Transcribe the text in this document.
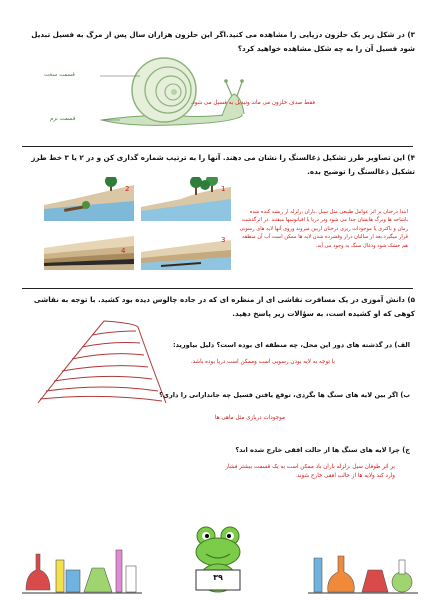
۳) در شکل زیر یک حلزون دریایی را مشاهده می کنید.اگر این حلزون هزاران سال پس از مرگ به فسیل تبدیل شود فسیل آن را به چه شکل مشاهده خواهید کرد؟
قسمت سخت
قسمت نرم
فقط صدف حلزون می ماند وتبدیل به فسیل می شود.
۴) این تصاویر طرز تشکیل ذغالسنگ را نشان می دهند. آنها را به ترتیب شماره گذاری کن و در ۲ یا ۳ خط طرز تشکیل ذغالسنگ را توضیح بده.
1
2
3
4
ابتدا درختان بر اثر عوامل طبیعی مثل سیل ،باران ،زلزله از ریشه کنده شده باشاخه ها وبرگ هایشان جدا می شود ودر دریا یا اقیانوسها میفتند .در اثرگذشت زمان و باکتری یا موجودات ریزی درختان ازبین میروند وروی آنها لایه های رسوبی قرار میگیرد.بعد از سالیان دراز وفشرده شدن لایه ها ممکن است آب آن منطقه هم خشک شود وذغال سنگ به وجود می آید.
۵) دانش آموزی در یک مسافرت نقاشی ای از منظره ای که در جاده چالوس دیده بود کشید. با توجه به نقاشی کوهی که او کشیده است، به سؤالات زیر پاسخ دهید.
الف) در گذشته های دور این محل، چه منطقه ای بوده است؟ دلیل بیاورید:
با توجه به لایه بودن رسوبی است وممکن است دریا بوده باشد.
ب) اگر بین لایه های سنگ ها بگردی، توقع یافتن فسیل چه جاندارانی را داری؟
موجودات دریازی مثل ماهی ها
ج) چرا لایه های سنگ ها از حالت افقی خارج شده اند؟
بر اثر طوفان سیل ،زلزله باران باد ممکن است به یک قسمت بیشتر فشار وارد کند ولایه ها از حالت افقی خارج شوند.
۳۹
